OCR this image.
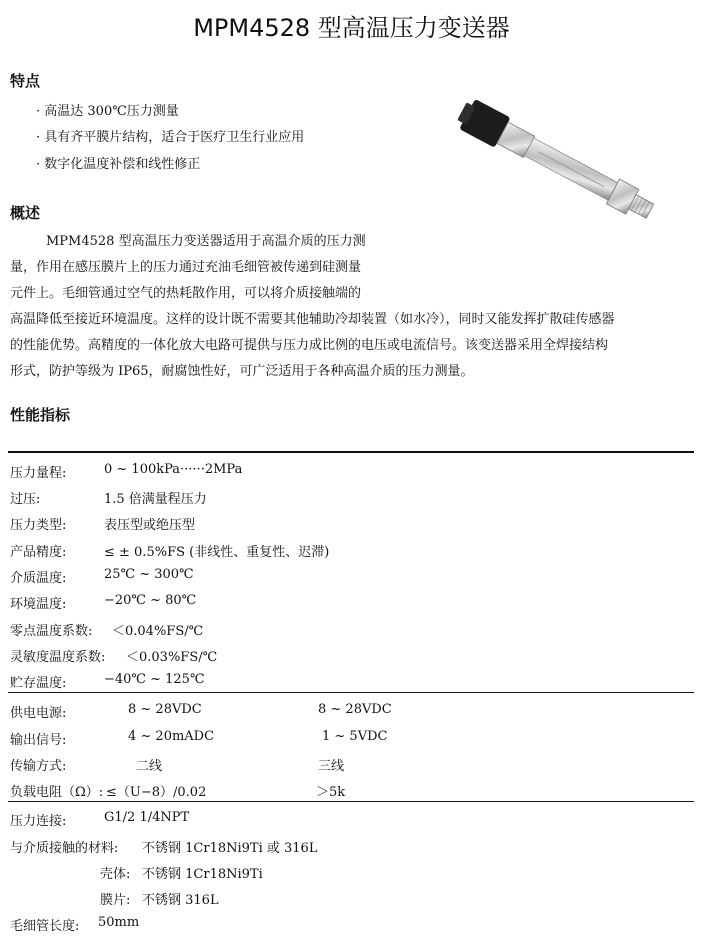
MPM4528 型高温压力变送器
特点
· 高温达 300℃压力测量
· 具有齐平膜片结构，适合于医疗卫生行业应用
· 数字化温度补偿和线性修正
概述
MPM4528 型高温压力变送器适用于高温介质的压力测
量，作用在感压膜片上的压力通过充油毛细管被传递到硅测量
元件上。毛细管通过空气的热耗散作用，可以将介质接触端的
高温降低至接近环境温度。这样的设计既不需要其他辅助冷却装置（如水冷），同时又能发挥扩散硅传感器
的性能优势。高精度的一体化放大电路可提供与压力成比例的电压或电流信号。该变送器采用全焊接结构
形式，防护等级为 IP65，耐腐蚀性好，可广泛适用于各种高温介质的压力测量。
性能指标
压力量程:	0 ~ 100kPa······2MPa
过压:	1.5 倍满量程压力
压力类型:	表压型或绝压型
产品精度:	≤ ± 0.5%FS (非线性、重复性、迟滞)
介质温度:	25℃ ~ 300℃
环境温度:	−20℃ ~ 80℃
零点温度系数: ＜0.04%FS/℃
灵敏度温度系数: ＜0.03%FS/℃
贮存温度:	−40℃ ~ 125℃
供电电源:	8 ~ 28VDC	8 ~ 28VDC
输出信号:	4 ~ 20mADC	1 ~ 5VDC
传输方式:	二线	三线
负载电阻（Ω）: ≤（U−8）/0.02	＞5k
压力连接:	G1/2 1/4NPT
与介质接触的材料: 不锈钢 1Cr18Ni9Ti 或 316L
壳体: 不锈钢 1Cr18Ni9Ti
膜片: 不锈钢 316L
毛细管长度: 50mm
